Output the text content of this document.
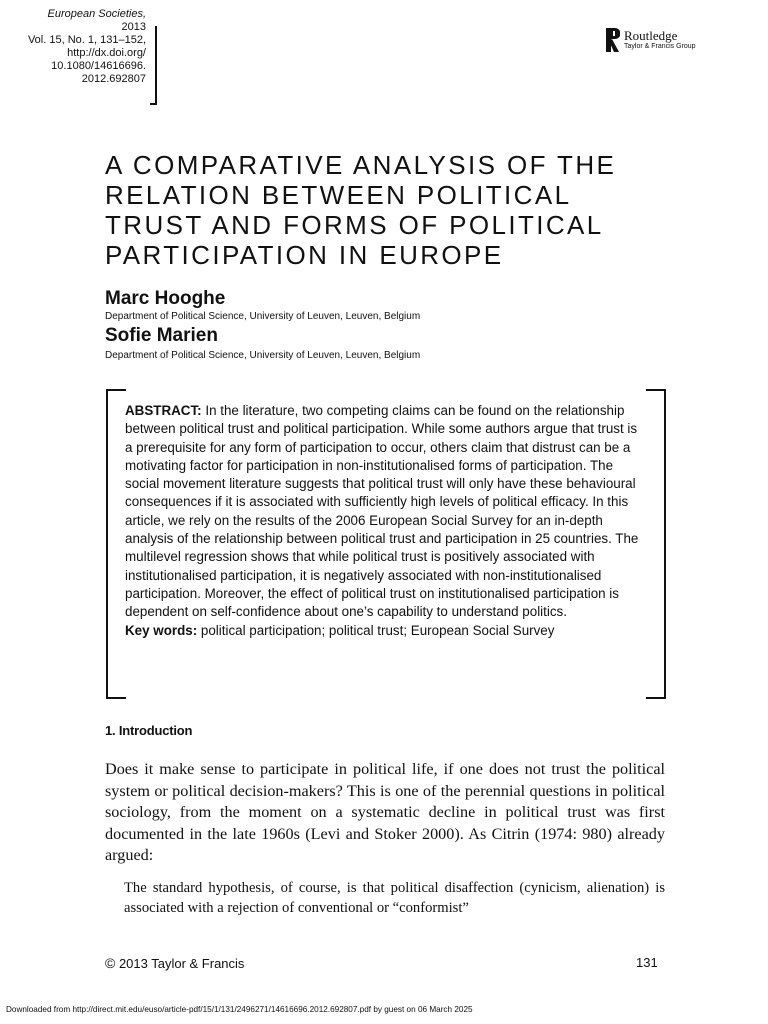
European Societies,
2013
Vol. 15, No. 1, 131–152,
http://dx.doi.org/
10.1080/14616696.
2012.692807
Routledge
Taylor & Francis Group
A COMPARATIVE ANALYSIS OF THE
RELATION BETWEEN POLITICAL
TRUST AND FORMS OF POLITICAL
PARTICIPATION IN EUROPE
Marc Hooghe
Department of Political Science, University of Leuven, Leuven, Belgium
Sofie Marien
Department of Political Science, University of Leuven, Leuven, Belgium
ABSTRACT: In the literature, two competing claims can be found on the relationship between political trust and political participation. While some authors argue that trust is a prerequisite for any form of participation to occur, others claim that distrust can be a motivating factor for participation in non-institutionalised forms of participation. The social movement literature suggests that political trust will only have these behavioural consequences if it is associated with sufficiently high levels of political efficacy. In this article, we rely on the results of the 2006 European Social Survey for an in-depth analysis of the relationship between political trust and participation in 25 countries. The multilevel regression shows that while political trust is positively associated with institutionalised participation, it is negatively associated with non-institutionalised participation. Moreover, the effect of political trust on institutionalised participation is dependent on self-confidence about one’s capability to understand politics.
Key words: political participation; political trust; European Social Survey
1. Introduction

Does it make sense to participate in political life, if one does not trust the political system or political decision-makers? This is one of the perennial questions in political sociology, from the moment on a systematic decline in political trust was first documented in the late 1960s (Levi and Stoker 2000). As Citrin (1974: 980) already argued:

The standard hypothesis, of course, is that political disaffection (cynicism, alienation) is associated with a rejection of conventional or “conformist”

© 2013 Taylor & Francis	131
Downloaded from http://direct.mit.edu/euso/article-pdf/15/1/131/2496271/14616696.2012.692807.pdf by guest on 06 March 2025
